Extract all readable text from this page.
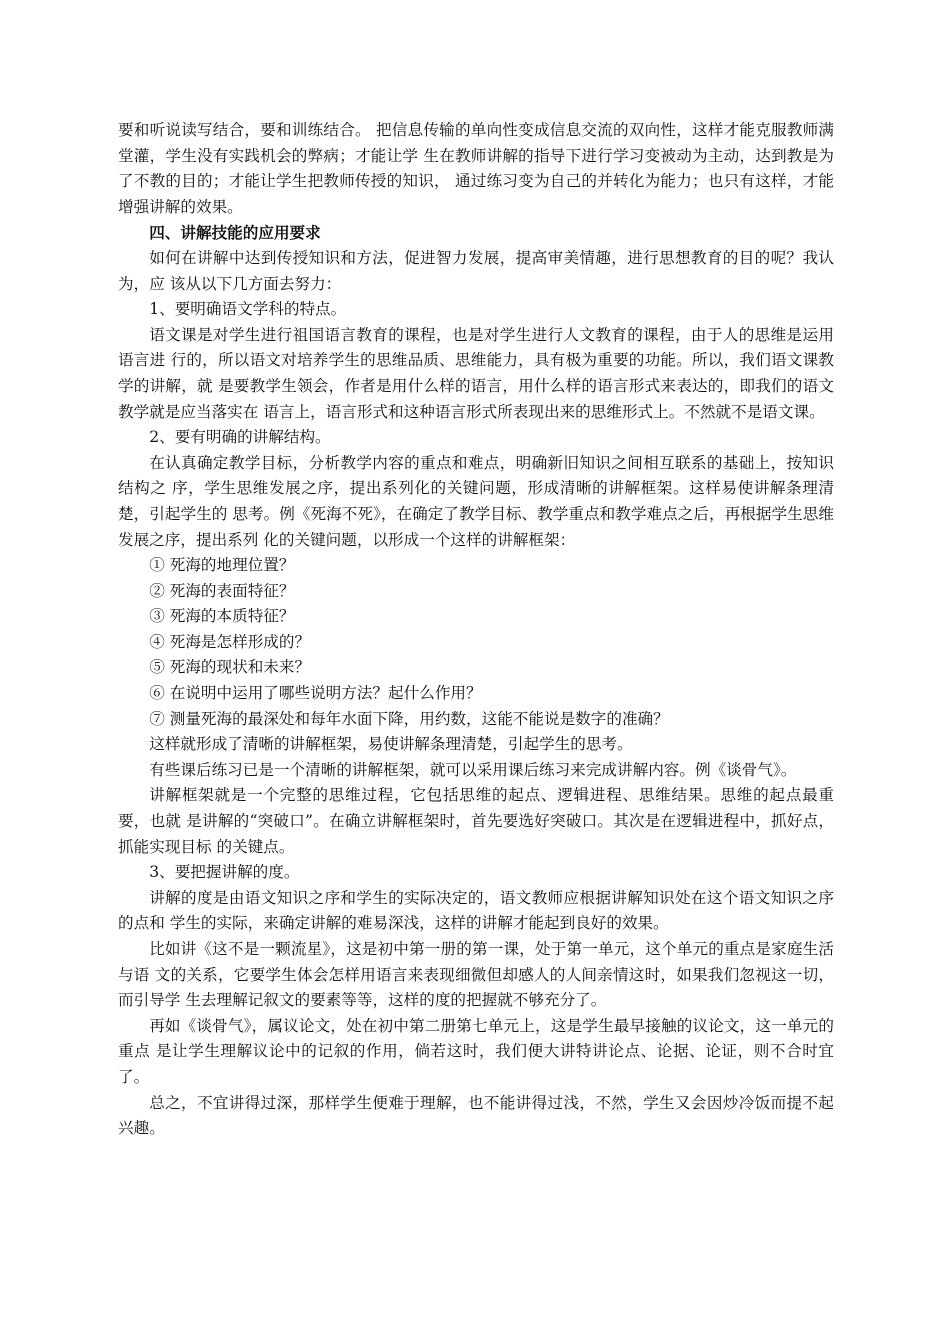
要和听说读写结合，要和训练结合。 把信息传输的单向性变成信息交流的双向性，这样才能克服教师满堂灌，学生没有实践机会的弊病；才能让学 生在教师讲解的指导下进行学习变被动为主动，达到教是为了不教的目的；才能让学生把教师传授的知识， 通过练习变为自己的并转化为能力；也只有这样，才能增强讲解的效果。

四、讲解技能的应用要求

如何在讲解中达到传授知识和方法，促进智力发展，提高审美情趣，进行思想教育的目的呢？我认为，应 该从以下几方面去努力：

1、要明确语文学科的特点。

语文课是对学生进行祖国语言教育的课程，也是对学生进行人文教育的课程，由于人的思维是运用语言进 行的，所以语文对培养学生的思维品质、思维能力，具有极为重要的功能。所以，我们语文课教学的讲解，就 是要教学生领会，作者是用什么样的语言，用什么样的语言形式来表达的，即我们的语文教学就是应当落实在 语言上，语言形式和这种语言形式所表现出来的思维形式上。不然就不是语文课。

2、要有明确的讲解结构。

在认真确定教学目标，分析教学内容的重点和难点，明确新旧知识之间相互联系的基础上，按知识结构之 序，学生思维发展之序，提出系列化的关键问题，形成清晰的讲解框架。这样易使讲解条理清楚，引起学生的 思考。例《死海不死》，在确定了教学目标、教学重点和教学难点之后，再根据学生思维发展之序，提出系列 化的关键问题，以形成一个这样的讲解框架：

① 死海的地理位置？

② 死海的表面特征？

③ 死海的本质特征？

④ 死海是怎样形成的？

⑤ 死海的现状和未来？

⑥ 在说明中运用了哪些说明方法？起什么作用？

⑦ 测量死海的最深处和每年水面下降，用约数，这能不能说是数字的准确？

这样就形成了清晰的讲解框架，易使讲解条理清楚，引起学生的思考。

有些课后练习已是一个清晰的讲解框架，就可以采用课后练习来完成讲解内容。例《谈骨气》。

讲解框架就是一个完整的思维过程，它包括思维的起点、逻辑进程、思维结果。思维的起点最重要，也就 是讲解的“突破口”。在确立讲解框架时，首先要选好突破口。其次是在逻辑进程中，抓好点，抓能实现目标 的关键点。

3、要把握讲解的度。

讲解的度是由语文知识之序和学生的实际决定的，语文教师应根据讲解知识处在这个语文知识之序的点和 学生的实际，来确定讲解的难易深浅，这样的讲解才能起到良好的效果。

比如讲《这不是一颗流星》，这是初中第一册的第一课，处于第一单元，这个单元的重点是家庭生活与语 文的关系，它要学生体会怎样用语言来表现细微但却感人的人间亲情这时，如果我们忽视这一切，而引导学 生去理解记叙文的要素等等，这样的度的把握就不够充分了。

再如《谈骨气》，属议论文，处在初中第二册第七单元上，这是学生最早接触的议论文，这一单元的重点 是让学生理解议论中的记叙的作用，倘若这时，我们便大讲特讲论点、论据、论证，则不合时宜了。

总之，不宜讲得过深，那样学生便难于理解，也不能讲得过浅，不然，学生又会因炒冷饭而提不起兴趣。
